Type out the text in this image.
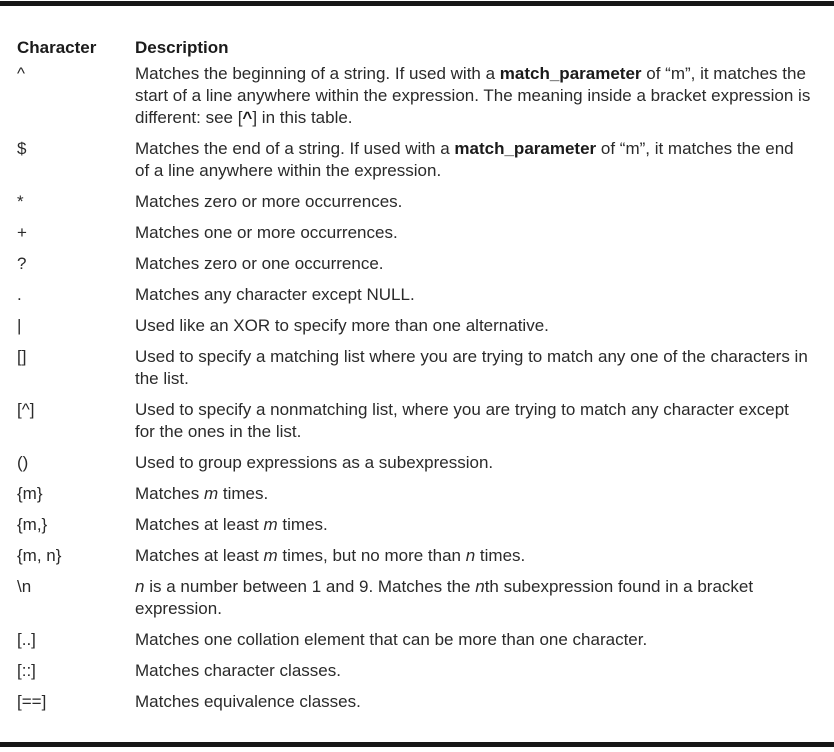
Character	Description
^	Matches the beginning of a string. If used with a match_parameter of “m”, it matches the start of a line anywhere within the expression. The meaning inside a bracket expression is different: see [^] in this table.
$	Matches the end of a string. If used with a match_parameter of “m”, it matches the end of a line anywhere within the expression.
*	Matches zero or more occurrences.
+	Matches one or more occurrences.
?	Matches zero or one occurrence.
.	Matches any character except NULL.
|	Used like an XOR to specify more than one alternative.
[]	Used to specify a matching list where you are trying to match any one of the characters in the list.
[^]	Used to specify a nonmatching list, where you are trying to match any character except for the ones in the list.
()	Used to group expressions as a subexpression.
{m}	Matches m times.
{m,}	Matches at least m times.
{m, n}	Matches at least m times, but no more than n times.
\n	n is a number between 1 and 9. Matches the nth subexpression found in a bracket expression.
[..]	Matches one collation element that can be more than one character.
[::]	Matches character classes.
[==]	Matches equivalence classes.
